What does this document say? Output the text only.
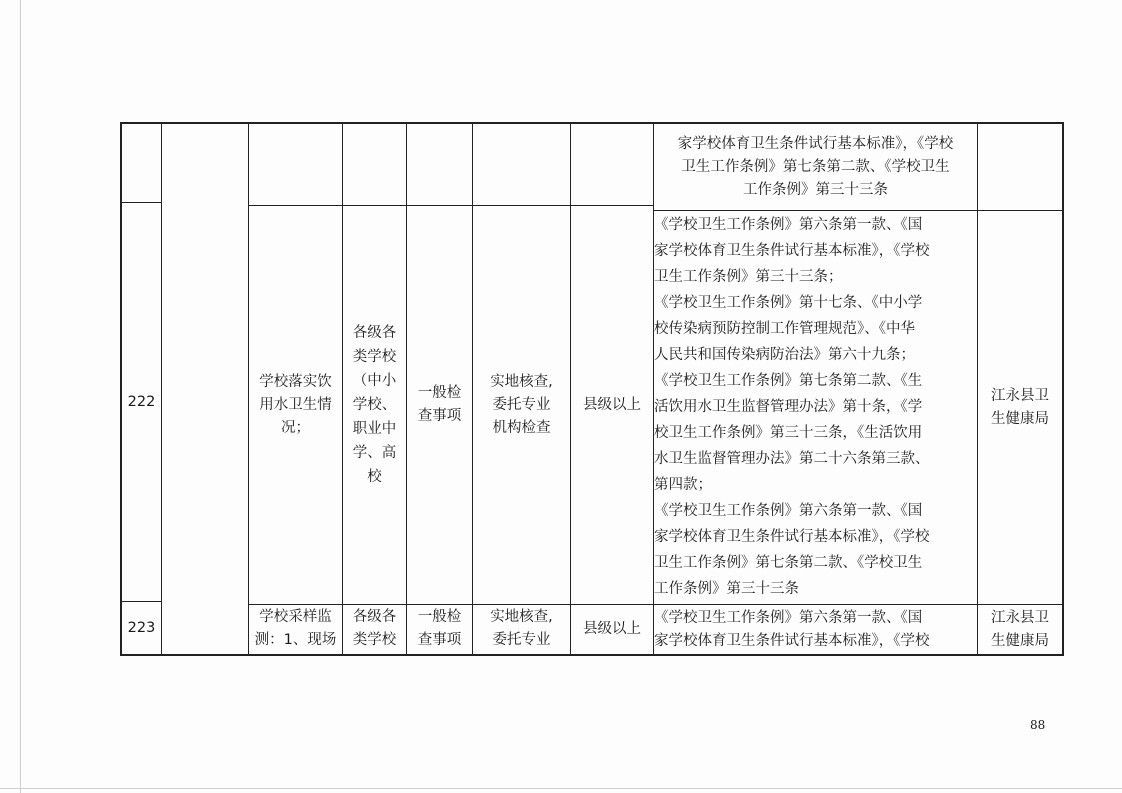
家学校体育卫生条件试行基本标准》，《学校
卫生工作条例》第七条第二款、《学校卫生
工作条例》第三十三条
222
学校落实饮
用水卫生情
况；
各级各
类学校
（中小
学校、
职业中
学、高
校
一般检
查事项
实地核查,
委托专业
机构检查
县级以上
《学校卫生工作条例》第六条第一款、《国
家学校体育卫生条件试行基本标准》，《学校
卫生工作条例》第三十三条；
《学校卫生工作条例》第十七条、《中小学
校传染病预防控制工作管理规范》、《中华
人民共和国传染病防治法》第六十九条；
《学校卫生工作条例》第七条第二款、《生
活饮用水卫生监督管理办法》第十条，《学
校卫生工作条例》第三十三条，《生活饮用
水卫生监督管理办法》第二十六条第三款、
第四款；
《学校卫生工作条例》第六条第一款、《国
家学校体育卫生条件试行基本标准》，《学校
卫生工作条例》第七条第二款、《学校卫生
工作条例》第三十三条
江永县卫
生健康局
223
学校采样监
测：1、现场
各级各
类学校
一般检
查事项
实地核查,
委托专业
县级以上
《学校卫生工作条例》第六条第一款、《国
家学校体育卫生条件试行基本标准》，《学校
江永县卫
生健康局
88
